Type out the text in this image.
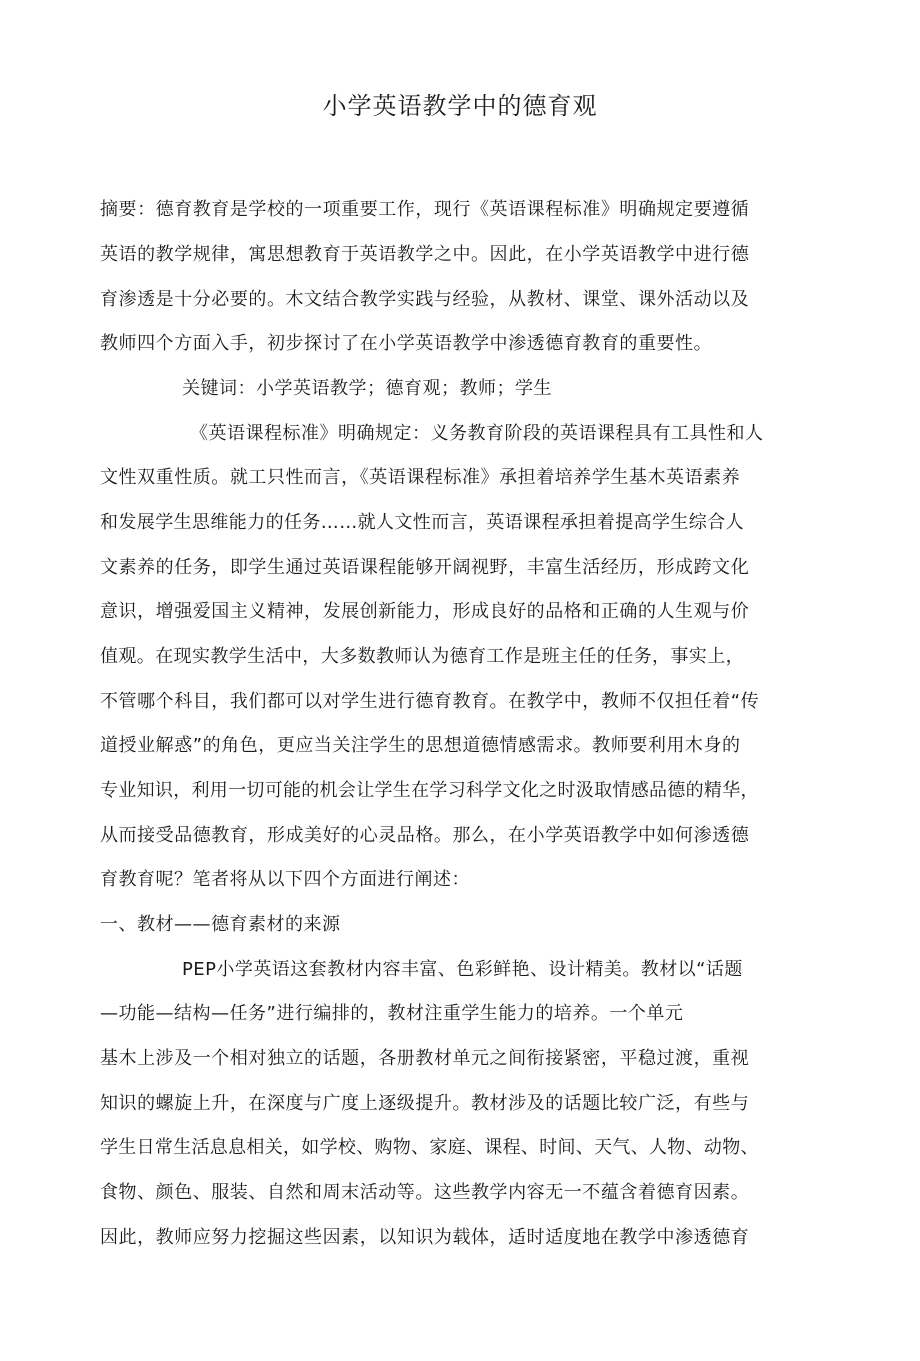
小学英语教学中的德育观

摘要：德育教育是学校的一项重要工作，现行《英语课程标准》明确规定要遵循

英语的教学规律，寓思想教育于英语教学之中。因此，在小学英语教学中进行德

育渗透是十分必要的。木文结合教学实践与经验，从教材、课堂、课外活动以及

教师四个方面入手，初步探讨了在小学英语教学中渗透德育教育的重要性。

关键词：小学英语教学；德育观；教师；学生

《英语课程标准》明确规定：义务教育阶段的英语课程具有工具性和人

文性双重性质。就工只性而言，《英语课程标准》承担着培养学生基木英语素养

和发展学生思维能力的任务……就人文性而言，英语课程承担着提高学生综合人

文素养的任务，即学生通过英语课程能够开阔视野，丰富生活经历，形成跨文化

意识，增强爱国主义精神，发展创新能力，形成良好的品格和正确的人生观与价

值观。在现实教学生活中，大多数教师认为德育工作是班主任的任务，事实上，

不管哪个科目，我们都可以对学生进行德育教育。在教学中，教师不仅担任着“传

道授业解惑”的角色，更应当关注学生的思想道德情感需求。教师要利用木身的

专业知识，利用一切可能的机会让学生在学习科学文化之时汲取情感品德的精华，

从而接受品德教育，形成美好的心灵品格。那么，在小学英语教学中如何渗透德

育教育呢？笔者将从以下四个方面进行阐述：

一、教材——德育素材的来源

PEP小学英语这套教材内容丰富、色彩鲜艳、设计精美。教材以“话题

—功能—结构—任务”进行编排的，教材注重学生能力的培养。一个单元

基木上涉及一个相对独立的话题，各册教材单元之间衔接紧密，平稳过渡，重视

知识的螺旋上升，在深度与广度上逐级提升。教材涉及的话题比较广泛，有些与

学生日常生活息息相关，如学校、购物、家庭、课程、时间、天气、人物、动物、

食物、颜色、服装、自然和周末活动等。这些教学内容无一不蕴含着德育因素。

因此，教师应努力挖掘这些因素，以知识为载体，适时适度地在教学中渗透德育
